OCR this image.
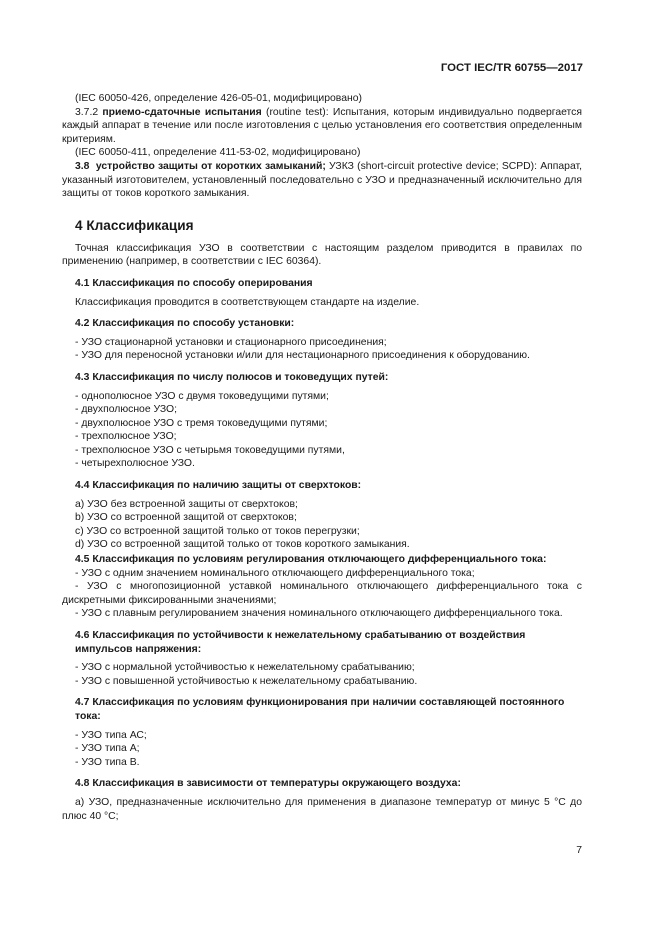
ГОСТ IEC/TR 60755—2017

(IEC 60050-426, определение 426-05-01, модифицировано)

3.7.2 приемо-сдаточные испытания (routine test): Испытания, которым индивидуально подвергается каждый аппарат в течение или после изготовления с целью установления его соответствия определенным критериям.

(IEC 60050-411, определение 411-53-02, модифицировано)

3.8 устройство защиты от коротких замыканий; УЗКЗ (short-circuit protective device; SCPD): Аппарат, указанный изготовителем, установленный последовательно с УЗО и предназначенный исключительно для защиты от токов короткого замыкания.

4 Классификация

Точная классификация УЗО в соответствии с настоящим разделом приводится в правилах по применению (например, в соответствии с IEC 60364).

4.1 Классификация по способу оперирования

Классификация проводится в соответствующем стандарте на изделие.

4.2 Классификация по способу установки:

- УЗО стационарной установки и стационарного присоединения;

- УЗО для переносной установки и/или для нестационарного присоединения к оборудованию.

4.3 Классификация по числу полюсов и токоведущих путей:

- однополюсное УЗО с двумя токоведущими путями;

- двухполюсное УЗО;

- двухполюсное УЗО с тремя токоведущими путями;

- трехполюсное УЗО;

- трехполюсное УЗО с четырьмя токоведущими путями,

- четырехполюсное УЗО.

4.4 Классификация по наличию защиты от сверхтоков:

a) УЗО без встроенной защиты от сверхтоков;

b) УЗО со встроенной защитой от сверхтоков;

c) УЗО со встроенной защитой только от токов перегрузки;

d) УЗО со встроенной защитой только от токов короткого замыкания.

4.5 Классификация по условиям регулирования отключающего дифференциального тока:

- УЗО с одним значением номинального отключающего дифференциального тока;

- УЗО с многопозиционной уставкой номинального отключающего дифференциального тока с дискретными фиксированными значениями;

- УЗО с плавным регулированием значения номинального отключающего дифференциального тока.

4.6 Классификация по устойчивости к нежелательному срабатыванию от воздействия импульсов напряжения:

- УЗО с нормальной устойчивостью к нежелательному срабатыванию;

- УЗО с повышенной устойчивостью к нежелательному срабатыванию.

4.7 Классификация по условиям функционирования при наличии составляющей постоянного тока:

- УЗО типа АС;

- УЗО типа А;

- УЗО типа В.

4.8 Классификация в зависимости от температуры окружающего воздуха:

а) УЗО, предназначенные исключительно для применения в диапазоне температур от минус 5 °С до плюс 40 °С;

7
